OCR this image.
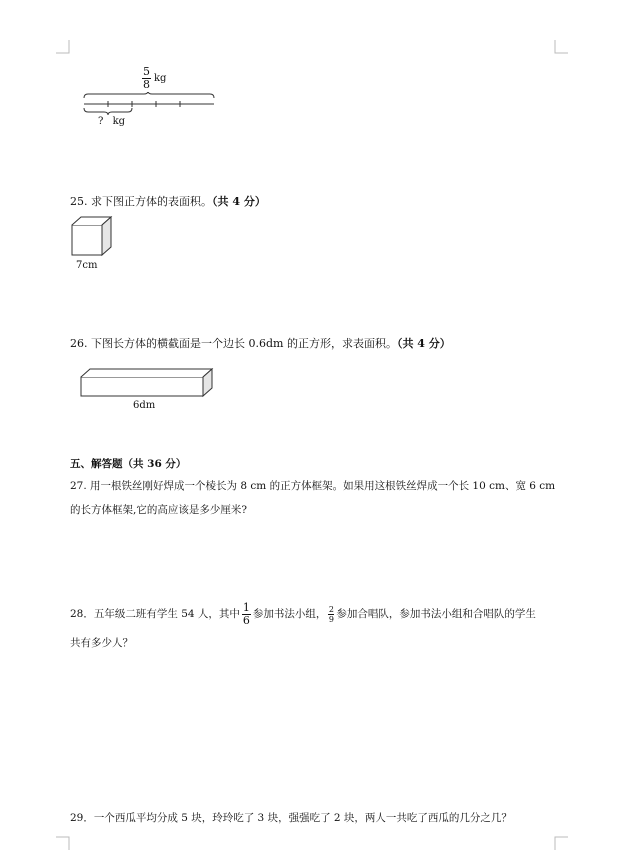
$\frac{5}{8}$ kg
? kg
25. 求下图正方体的表面积。（共 4 分）
7cm
26. 下图长方体的横截面是一个边长 0.6dm 的正方形，求表面积。（共 4 分）
6dm
五、解答题（共 36 分）
27. 用一根铁丝刚好焊成一个棱长为 8 cm 的正方体框架。如果用这根铁丝焊成一个长 10 cm、宽 6 cm
的长方体框架,它的高应该是多少厘米?
28．五年级二班有学生 54 人，其中 $\frac{1}{6}$ 参加书法小组， $\frac{2}{9}$ 参加合唱队，参加书法小组和合唱队的学生
共有多少人？
29．一个西瓜平均分成 5 块，玲玲吃了 3 块，强强吃了 2 块，两人一共吃了西瓜的几分之几？
